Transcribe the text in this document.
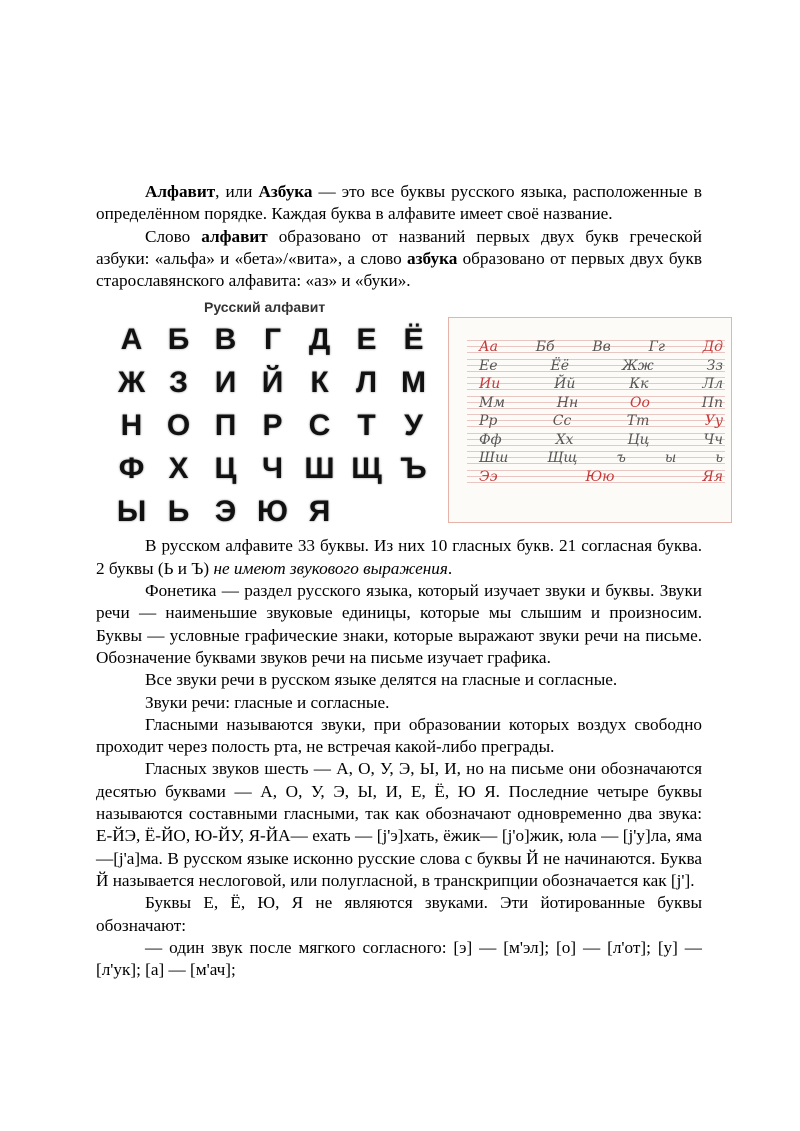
Алфавит, или Азбука — это все буквы русского языка, расположенные в определённом порядке. Каждая буква в алфавите имеет своё название.

Слово алфавит образовано от названий первых двух букв греческой азбуки: «альфа» и «бета»/«вита», а слово азбука образовано от первых двух букв старославянского алфавита: «аз» и «буки».

Русский алфавит
А Б В Г Д Е Ё
Ж З И Й К Л М
Н О П Р С Т У
Ф Х Ц Ч Ш Щ Ъ
Ы Ь Э Ю Я
Аа	Бб	Вв	Гг	Дд
Ее	Ёё	Жж	Зз
Ии	Йй	Кк	Лл
Мм	Нн	Оо	Пп
Рр	Сс	Тт	Уу
Фф	Хх	Цц	Чч
Шш	Щщ	ъ	ы	ь
Ээ	Юю	Яя

В русском алфавите 33 буквы. Из них 10 гласных букв. 21 согласная буква. 2 буквы (Ь и Ъ) не имеют звукового выражения.

Фонетика — раздел русского языка, который изучает звуки и буквы. Звуки речи — наименьшие звуковые единицы, которые мы слышим и произносим. Буквы — условные графические знаки, которые выражают звуки речи на письме. Обозначение буквами звуков речи на письме изучает графика.

Все звуки речи в русском языке делятся на гласные и согласные.

Звуки речи: гласные и согласные.

Гласными называются звуки, при образовании которых воздух свободно проходит через полость рта, не встречая какой-либо преграды.

Гласных звуков шесть — А, О, У, Э, Ы, И, но на письме они обозначаются десятью буквами — А, О, У, Э, Ы, И, Е, Ё, Ю Я. Последние четыре буквы называются составными гласными, так как обозначают одновременно два звука: Е-ЙЭ, Ё-ЙО, Ю-ЙУ, Я-ЙА— ехать — [j'э]хать, ёжик— [j'о]жик, юла — [j'у]ла, яма—[j'а]ма. В русском языке исконно русские слова с буквы Й не начинаются. Буква Й называется неслоговой, или полугласной, в транскрипции обозначается как [j'].

Буквы Е, Ё, Ю, Я не являются звуками. Эти йотированные буквы обозначают:

— один звук после мягкого согласного: [э] — [м'эл]; [о] — [л'от]; [у] — [л'ук]; [а] — [м'ач];
